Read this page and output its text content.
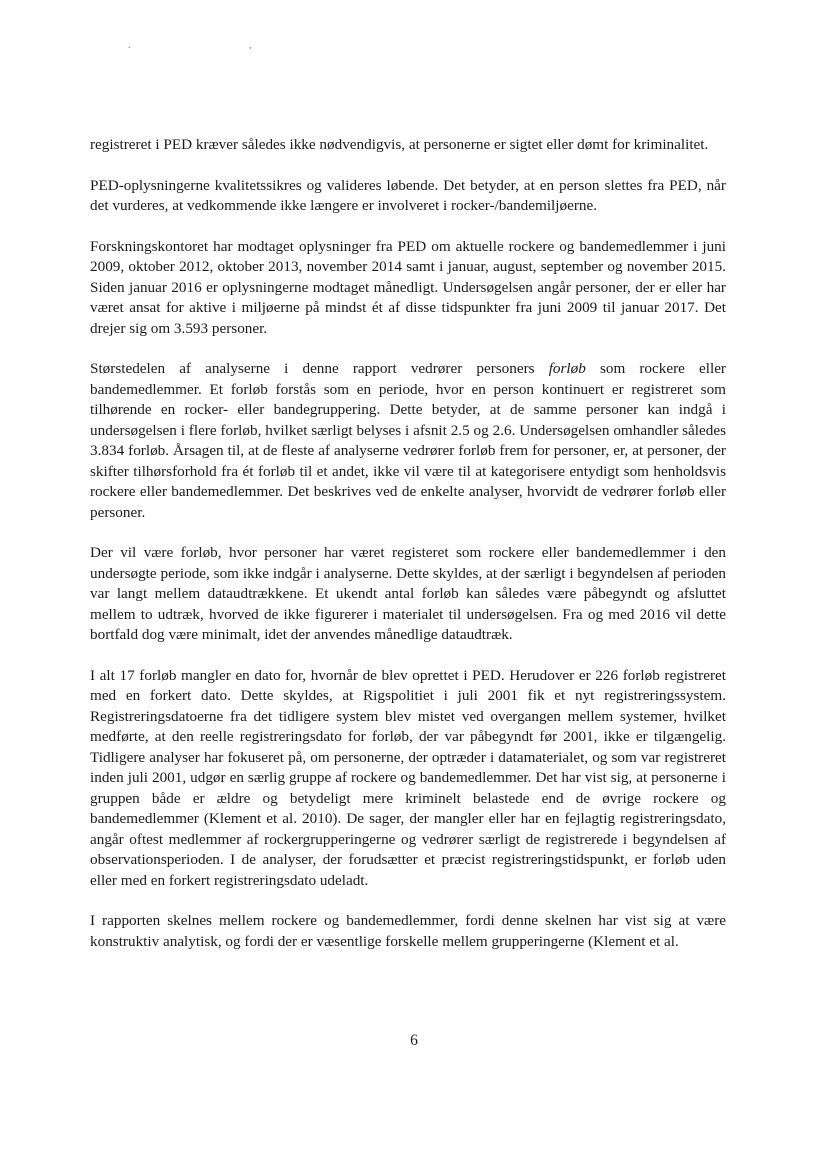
. ,

registreret i PED kræver således ikke nødvendigvis, at personerne er sigtet eller dømt for kriminalitet.

PED-oplysningerne kvalitetssikres og valideres løbende. Det betyder, at en person slettes fra PED, når det vurderes, at vedkommende ikke længere er involveret i rocker-/bandemiljøerne.

Forskningskontoret har modtaget oplysninger fra PED om aktuelle rockere og bandemedlemmer i juni 2009, oktober 2012, oktober 2013, november 2014 samt i januar, august, september og november 2015. Siden januar 2016 er oplysningerne modtaget månedligt. Undersøgelsen angår personer, der er eller har været ansat for aktive i miljøerne på mindst ét af disse tidspunkter fra juni 2009 til januar 2017. Det drejer sig om 3.593 personer.

Størstedelen af analyserne i denne rapport vedrører personers forløb som rockere eller bandemedlemmer. Et forløb forstås som en periode, hvor en person kontinuert er registreret som tilhørende en rocker- eller bandegruppering. Dette betyder, at de samme personer kan indgå i undersøgelsen i flere forløb, hvilket særligt belyses i afsnit 2.5 og 2.6. Undersøgelsen omhandler således 3.834 forløb. Årsagen til, at de fleste af analyserne vedrører forløb frem for personer, er, at personer, der skifter tilhørsforhold fra ét forløb til et andet, ikke vil være til at kategorisere entydigt som henholdsvis rockere eller bandemedlemmer. Det beskrives ved de enkelte analyser, hvorvidt de vedrører forløb eller personer.

Der vil være forløb, hvor personer har været registeret som rockere eller bandemedlemmer i den undersøgte periode, som ikke indgår i analyserne. Dette skyldes, at der særligt i begyndelsen af perioden var langt mellem dataudtrækkene. Et ukendt antal forløb kan således være påbegyndt og afsluttet mellem to udtræk, hvorved de ikke figurerer i materialet til undersøgelsen. Fra og med 2016 vil dette bortfald dog være minimalt, idet der anvendes månedlige dataudtræk.

I alt 17 forløb mangler en dato for, hvornår de blev oprettet i PED. Herudover er 226 forløb registreret med en forkert dato. Dette skyldes, at Rigspolitiet i juli 2001 fik et nyt registreringssystem. Registreringsdatoerne fra det tidligere system blev mistet ved overgangen mellem systemer, hvilket medførte, at den reelle registreringsdato for forløb, der var påbegyndt før 2001, ikke er tilgængelig. Tidligere analyser har fokuseret på, om personerne, der optræder i datamaterialet, og som var registreret inden juli 2001, udgør en særlig gruppe af rockere og bandemedlemmer. Det har vist sig, at personerne i gruppen både er ældre og betydeligt mere kriminelt belastede end de øvrige rockere og bandemedlemmer (Klement et al. 2010). De sager, der mangler eller har en fejlagtig registreringsdato, angår oftest medlemmer af rockergrupperingerne og vedrører særligt de registrerede i begyndelsen af observationsperioden. I de analyser, der forudsætter et præcist registreringstidspunkt, er forløb uden eller med en forkert registreringsdato udeladt.

I rapporten skelnes mellem rockere og bandemedlemmer, fordi denne skelnen har vist sig at være konstruktiv analytisk, og fordi der er væsentlige forskelle mellem grupperingerne (Klement et al.

6
